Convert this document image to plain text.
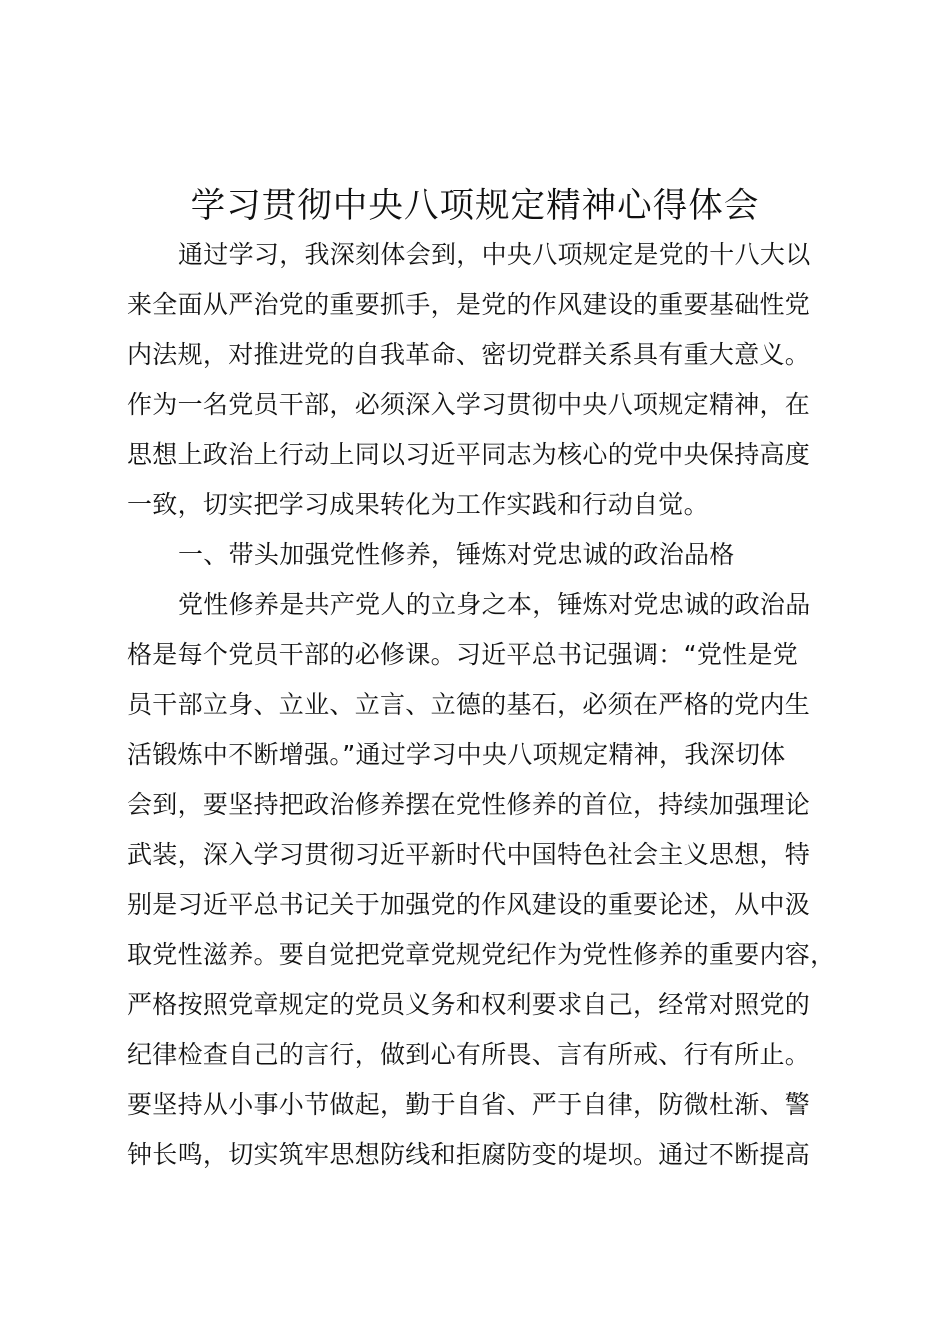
学习贯彻中央八项规定精神心得体会
通过学习，我深刻体会到，中央八项规定是党的十八大以
来全面从严治党的重要抓手，是党的作风建设的重要基础性党
内法规，对推进党的自我革命、密切党群关系具有重大意义。
作为一名党员干部，必须深入学习贯彻中央八项规定精神，在
思想上政治上行动上同以习近平同志为核心的党中央保持高度
一致，切实把学习成果转化为工作实践和行动自觉。
一、带头加强党性修养，锤炼对党忠诚的政治品格
党性修养是共产党人的立身之本，锤炼对党忠诚的政治品
格是每个党员干部的必修课。习近平总书记强调：“党性是党
员干部立身、立业、立言、立德的基石，必须在严格的党内生
活锻炼中不断增强。”通过学习中央八项规定精神，我深切体
会到，要坚持把政治修养摆在党性修养的首位，持续加强理论
武装，深入学习贯彻习近平新时代中国特色社会主义思想，特
别是习近平总书记关于加强党的作风建设的重要论述，从中汲
取党性滋养。要自觉把党章党规党纪作为党性修养的重要内容，
严格按照党章规定的党员义务和权利要求自己，经常对照党的
纪律检查自己的言行，做到心有所畏、言有所戒、行有所止。
要坚持从小事小节做起，勤于自省、严于自律，防微杜渐、警
钟长鸣，切实筑牢思想防线和拒腐防变的堤坝。通过不断提高
